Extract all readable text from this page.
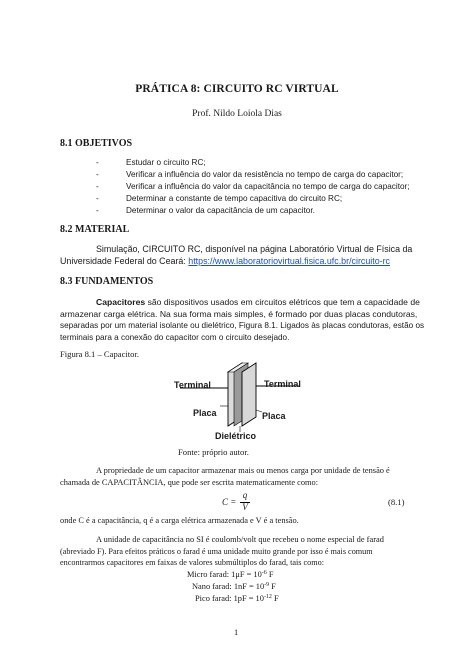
PRÁTICA 8: CIRCUITO RC VIRTUAL
Prof. Nildo Loiola Dias
8.1 OBJETIVOS
-	Estudar o circuito RC;
-	Verificar a influência do valor da resistência no tempo de carga do capacitor;
-	Verificar a influência do valor da capacitância no tempo de carga do capacitor;
-	Determinar a constante de tempo capacitiva do circuito RC;
-	Determinar o valor da capacitância de um capacitor.
8.2 MATERIAL
Simulação, CIRCUITO RC, disponível na página Laboratório Virtual de Física da
Universidade Federal do Ceará: https://www.laboratoriovirtual.fisica.ufc.br/circuito-rc
8.3 FUNDAMENTOS
Capacitores são dispositivos usados em circuitos elétricos que tem a capacidade de
armazenar carga elétrica. Na sua forma mais simples, é formado por duas placas condutoras,
separadas por um material isolante ou dielétrico, Figura 8.1. Ligados às placas condutoras, estão os
terminais para a conexão do capacitor com o circuito desejado.
Figura 8.1 – Capacitor.
Terminal	Terminal
Placa	Placa
Dielétrico
Fonte: próprio autor.
A propriedade de um capacitor armazenar mais ou menos carga por unidade de tensão é
chamada de CAPACITÂNCIA, que pode ser escrita matematicamente como:
C =
q
V	(8.1)
onde C é a capacitância, q é a carga elétrica armazenada e V é a tensão.
A unidade de capacitância no SI é coulomb/volt que recebeu o nome especial de farad
(abreviado F). Para efeitos práticos o farad é uma unidade muito grande por isso é mais comum
encontrarmos capacitores em faixas de valores submúltiplos do farad, tais como:
Micro farad: $1\mu F = 10^{-6}$ F
Nano farad: $1nF = 10^{-9}$ F
Pico farad: $1pF = 10^{-12}$ F
1
